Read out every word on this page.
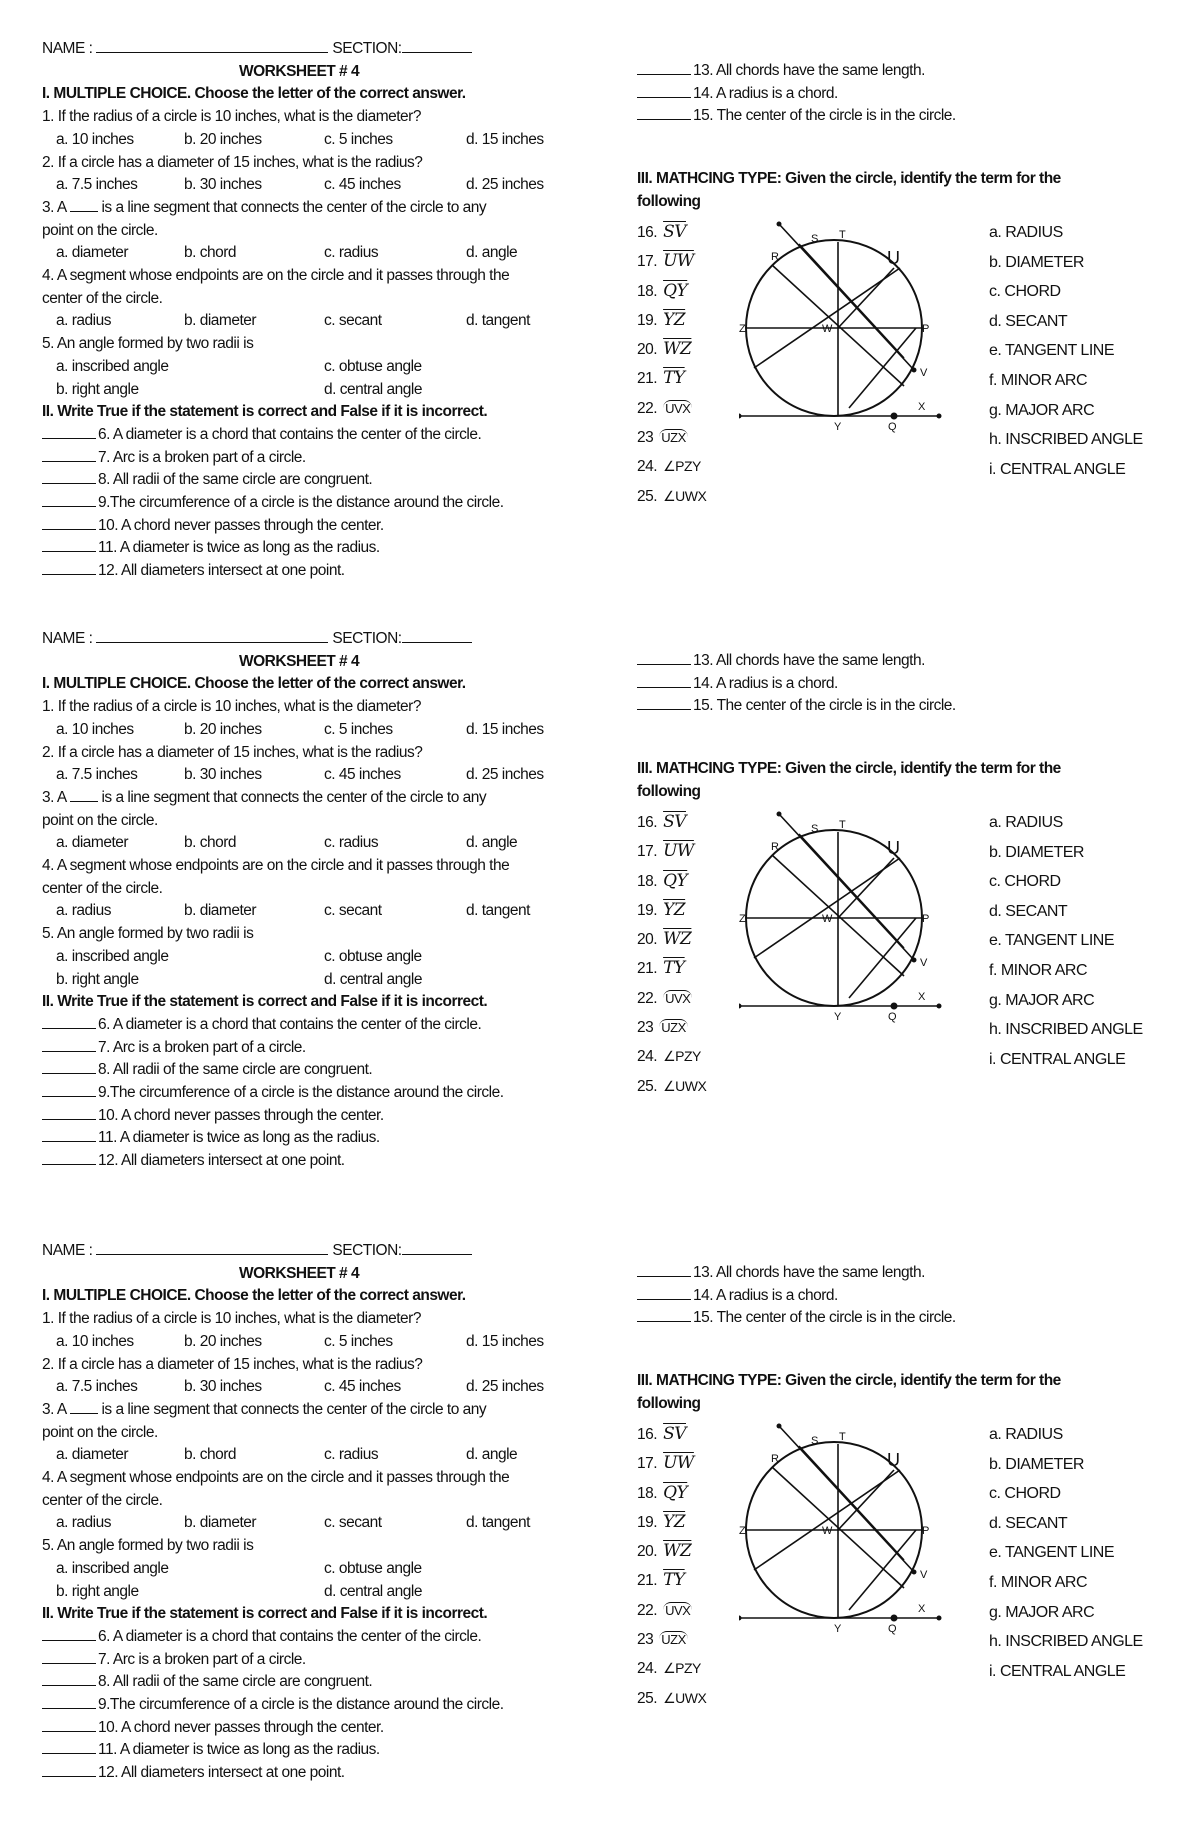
NAME :	SECTION:
WORKSHEET # 4
I. MULTIPLE CHOICE. Choose the letter of the correct answer.
1. If the radius of a circle is 10 inches, what is the diameter?
a. 10 inches	b. 20 inches	c. 5 inches	d. 15 inches
2. If a circle has a diameter of 15 inches, what is the radius?
a. 7.5 inches	b. 30 inches	c. 45 inches	d. 25 inches
3. A  is a line segment that connects the center of the circle to any
point on the circle.
a. diameter	b. chord	c. radius	d. angle
4. A segment whose endpoints are on the circle and it passes through the
center of the circle.
a. radius	b. diameter	c. secant	d. tangent
5. An angle formed by two radii is
a. inscribed angle	c. obtuse angle
b. right angle	d. central angle
II. Write True if the statement is correct and False if it is incorrect.
6. A diameter is a chord that contains the center of the circle.
7. Arc is a broken part of a circle.
8. All radii of the same circle are congruent.
9.The circumference of a circle is the distance around the circle.
10. A chord never passes through the center.
11. A diameter is twice as long as the radius.
12. All diameters intersect at one point.
13. All chords have the same length.
14. A radius is a chord.
15. The center of the circle is in the circle.
III. MATHCING TYPE: Given the circle, identify the term for the
following
16. $\overline{SV}$
17. $\overline{UW}$
18. $\overline{QY}$
19. $\overline{YZ}$
20. $\overline{WZ}$
21. $\overline{TY}$
22. UVX
23 UZX
24. ∠PZY
25. ∠UWX
S T
R	U
Z	W	P
V
X
Y	Q
a. RADIUS
b. DIAMETER
c. CHORD
d. SECANT
e. TANGENT LINE
f. MINOR ARC
g. MAJOR ARC
h. INSCRIBED ANGLE
i. CENTRAL ANGLE
NAME :	SECTION:
WORKSHEET # 4
I. MULTIPLE CHOICE. Choose the letter of the correct answer.
1. If the radius of a circle is 10 inches, what is the diameter?
a. 10 inches	b. 20 inches	c. 5 inches	d. 15 inches
2. If a circle has a diameter of 15 inches, what is the radius?
a. 7.5 inches	b. 30 inches	c. 45 inches	d. 25 inches
3. A  is a line segment that connects the center of the circle to any
point on the circle.
a. diameter	b. chord	c. radius	d. angle
4. A segment whose endpoints are on the circle and it passes through the
center of the circle.
a. radius	b. diameter	c. secant	d. tangent
5. An angle formed by two radii is
a. inscribed angle	c. obtuse angle
b. right angle	d. central angle
II. Write True if the statement is correct and False if it is incorrect.
6. A diameter is a chord that contains the center of the circle.
7. Arc is a broken part of a circle.
8. All radii of the same circle are congruent.
9.The circumference of a circle is the distance around the circle.
10. A chord never passes through the center.
11. A diameter is twice as long as the radius.
12. All diameters intersect at one point.
13. All chords have the same length.
14. A radius is a chord.
15. The center of the circle is in the circle.
III. MATHCING TYPE: Given the circle, identify the term for the
following
16. $\overline{SV}$
17. $\overline{UW}$
18. $\overline{QY}$
19. $\overline{YZ}$
20. $\overline{WZ}$
21. $\overline{TY}$
22. UVX
23 UZX
24. ∠PZY
25. ∠UWX
S T
R	U
Z	W	P
V
X
Y	Q
a. RADIUS
b. DIAMETER
c. CHORD
d. SECANT
e. TANGENT LINE
f. MINOR ARC
g. MAJOR ARC
h. INSCRIBED ANGLE
i. CENTRAL ANGLE
NAME :	SECTION:
WORKSHEET # 4
I. MULTIPLE CHOICE. Choose the letter of the correct answer.
1. If the radius of a circle is 10 inches, what is the diameter?
a. 10 inches	b. 20 inches	c. 5 inches	d. 15 inches
2. If a circle has a diameter of 15 inches, what is the radius?
a. 7.5 inches	b. 30 inches	c. 45 inches	d. 25 inches
3. A  is a line segment that connects the center of the circle to any
point on the circle.
a. diameter	b. chord	c. radius	d. angle
4. A segment whose endpoints are on the circle and it passes through the
center of the circle.
a. radius	b. diameter	c. secant	d. tangent
5. An angle formed by two radii is
a. inscribed angle	c. obtuse angle
b. right angle	d. central angle
II. Write True if the statement is correct and False if it is incorrect.
6. A diameter is a chord that contains the center of the circle.
7. Arc is a broken part of a circle.
8. All radii of the same circle are congruent.
9.The circumference of a circle is the distance around the circle.
10. A chord never passes through the center.
11. A diameter is twice as long as the radius.
12. All diameters intersect at one point.
13. All chords have the same length.
14. A radius is a chord.
15. The center of the circle is in the circle.
III. MATHCING TYPE: Given the circle, identify the term for the
following
16. $\overline{SV}$
17. $\overline{UW}$
18. $\overline{QY}$
19. $\overline{YZ}$
20. $\overline{WZ}$
21. $\overline{TY}$
22. UVX
23 UZX
24. ∠PZY
25. ∠UWX
S T
R	U
Z	W	P
V
X
Y	Q
a. RADIUS
b. DIAMETER
c. CHORD
d. SECANT
e. TANGENT LINE
f. MINOR ARC
g. MAJOR ARC
h. INSCRIBED ANGLE
i. CENTRAL ANGLE
